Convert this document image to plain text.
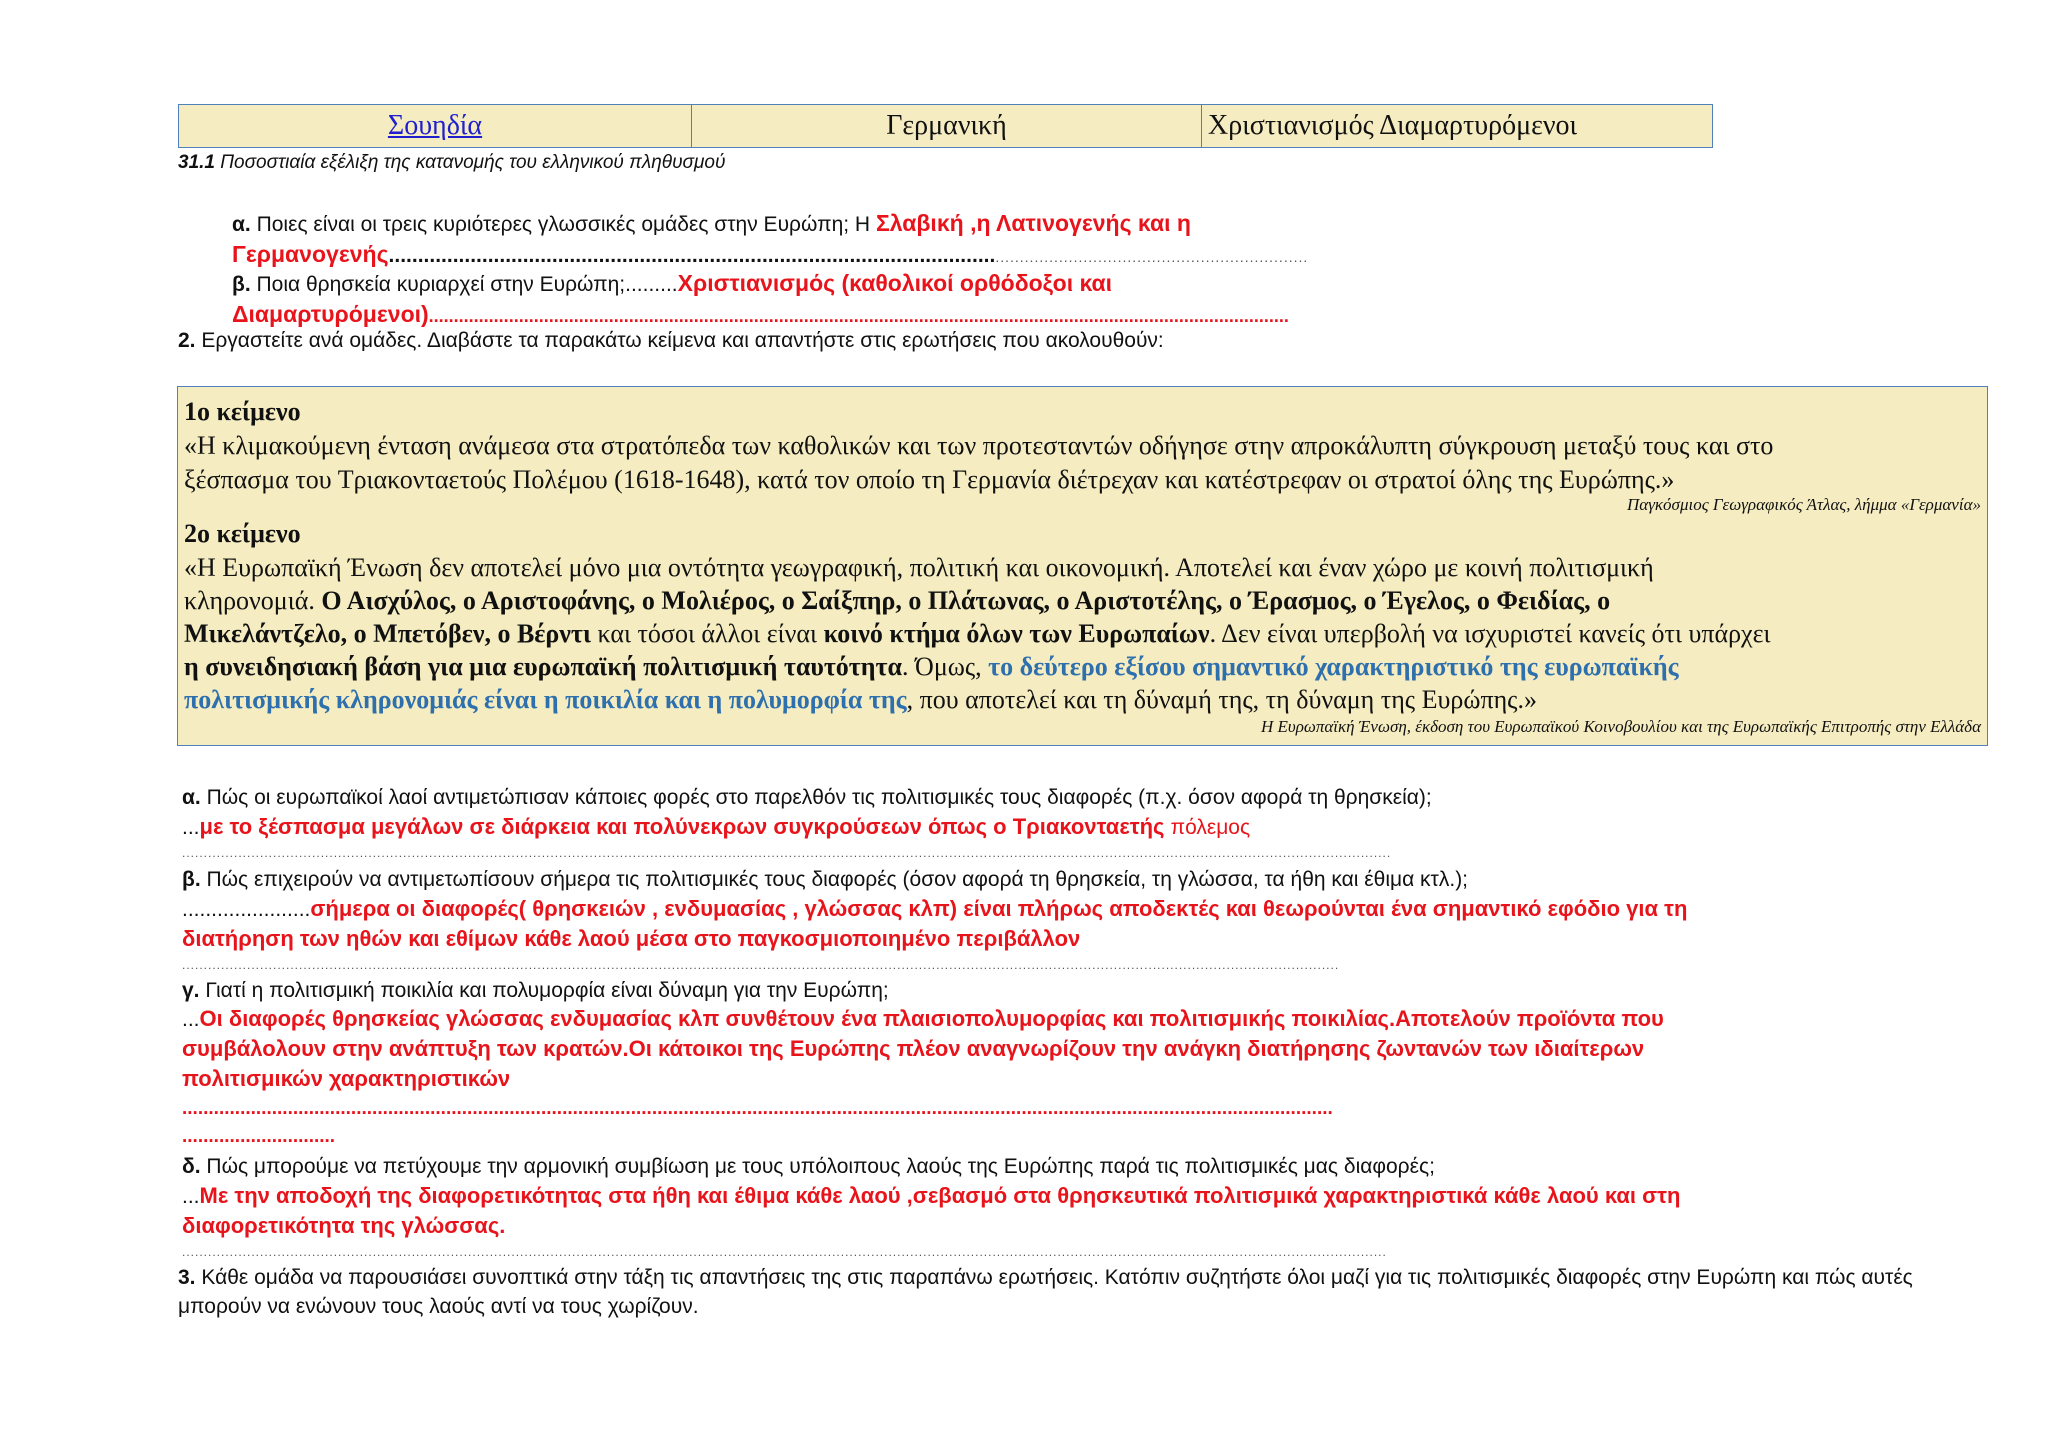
Σουηδία	Γερμανική	Χριστιανισμός Διαμαρτυρόμενοι
31.1 Ποσοστιαία εξέλιξη της κατανομής του ελληνικού πληθυσμού
α. Ποιες είναι οι τρεις κυριότερες γλωσσικές ομάδες στην Ευρώπη; Η Σλαβική ,η Λατινογενής και η
Γερμανογενής........................................................................................................................................................................
β. Ποια θρησκεία κυριαρχεί στην Ευρώπη;.........Χριστιανισμός (καθολικοί ορθόδοξοι και
Διαμαρτυρόμενοι)............................................................................................................................................................................
2. Εργαστείτε ανά ομάδες. Διαβάστε τα παρακάτω κείμενα και απαντήστε στις ερωτήσεις που ακολουθούν:
1ο κείμενο
«Η κλιμακούμενη ένταση ανάμεσα στα στρατόπεδα των καθολικών και των προτεσταντών οδήγησε στην απροκάλυπτη σύγκρουση μεταξύ τους και στο
ξέσπασμα του Τριακονταετούς Πολέμου (1618-1648), κατά τον οποίο τη Γερμανία διέτρεχαν και κατέστρεφαν οι στρατοί όλης της Ευρώπης.»
Παγκόσμιος Γεωγραφικός Άτλας, λήμμα «Γερμανία»
2ο κείμενο
«Η Ευρωπαϊκή Ένωση δεν αποτελεί μόνο μια οντότητα γεωγραφική, πολιτική και οικονομική. Αποτελεί και έναν χώρο με κοινή πολιτισμική
κληρονομιά. Ο Αισχύλος, ο Αριστοφάνης, ο Μολιέρος, ο Σαίξπηρ, ο Πλάτωνας, ο Αριστοτέλης, ο Έρασμος, ο Έγελος, ο Φειδίας, ο
Μικελάντζελο, ο Μπετόβεν, ο Βέρντι και τόσοι άλλοι είναι κοινό κτήμα όλων των Ευρωπαίων. Δεν είναι υπερβολή να ισχυριστεί κανείς ότι υπάρχει
η συνειδησιακή βάση για μια ευρωπαϊκή πολιτισμική ταυτότητα. Όμως, το δεύτερο εξίσου σημαντικό χαρακτηριστικό της ευρωπαϊκής
πολιτισμικής κληρονομιάς είναι η ποικιλία και η πολυμορφία της, που αποτελεί και τη δύναμή της, τη δύναμη της Ευρώπης.»
Η Ευρωπαϊκή Ένωση, έκδοση του Ευρωπαϊκού Κοινοβουλίου και της Ευρωπαϊκής Επιτροπής στην Ελλάδα
α. Πώς οι ευρωπαϊκοί λαοί αντιμετώπισαν κάποιες φορές στο παρελθόν τις πολιτισμικές τους διαφορές (π.χ. όσον αφορά τη θρησκεία);
...με το ξέσπασμα μεγάλων σε διάρκεια και πολύνεκρων συγκρούσεων όπως ο Τριακονταετής πόλεμος
.......................................................................................................................................................................................................................................................................................
β. Πώς επιχειρούν να αντιμετωπίσουν σήμερα τις πολιτισμικές τους διαφορές (όσον αφορά τη θρησκεία, τη γλώσσα, τα ήθη και έθιμα κτλ.);
......................σήμερα οι διαφορές( θρησκειών , ενδυμασίας , γλώσσας κλπ) είναι πλήρως αποδεκτές και θεωρούνται ένα σημαντικό εφόδιο για τη
διατήρηση των ηθών και εθίμων κάθε λαού μέσα στο παγκοσμιοποιημένο περιβάλλον
...........................................................................................................................................................................................................................................................................
γ. Γιατί η πολιτισμική ποικιλία και πολυμορφία είναι δύναμη για την Ευρώπη;
...Οι διαφορές θρησκείας γλώσσας ενδυμασίας κλπ συνθέτουν ένα πλαισιοπολυμορφίας και πολιτισμικής ποικιλίας.Αποτελούν προϊόντα που
συμβάλολουν στην ανάπτυξη των κρατών.Οι κάτοικοι της Ευρώπης πλέον αναγνωρίζουν την ανάγκη διατήρησης ζωντανών των ιδιαίτερων
πολιτισμικών χαρακτηριστικών
..........................................................................................................................................................................................................................
.............................
δ. Πώς μπορούμε να πετύχουμε την αρμονική συμβίωση με τους υπόλοιπους λαούς της Ευρώπης παρά τις πολιτισμικές μας διαφορές;
...Με την αποδοχή της διαφορετικότητας στα ήθη και έθιμα κάθε λαού ,σεβασμό στα θρησκευτικά πολιτισμικά χαρακτηριστικά κάθε λαού και στη
διαφορετικότητα της γλώσσας.
......................................................................................................................................................................................................................................................................................
3. Κάθε ομάδα να παρουσιάσει συνοπτικά στην τάξη τις απαντήσεις της στις παραπάνω ερωτήσεις. Κατόπιν συζητήστε όλοι μαζί για τις πολιτισμικές διαφορές στην Ευρώπη και πώς αυτές
μπορούν να ενώνουν τους λαούς αντί να τους χωρίζουν.
